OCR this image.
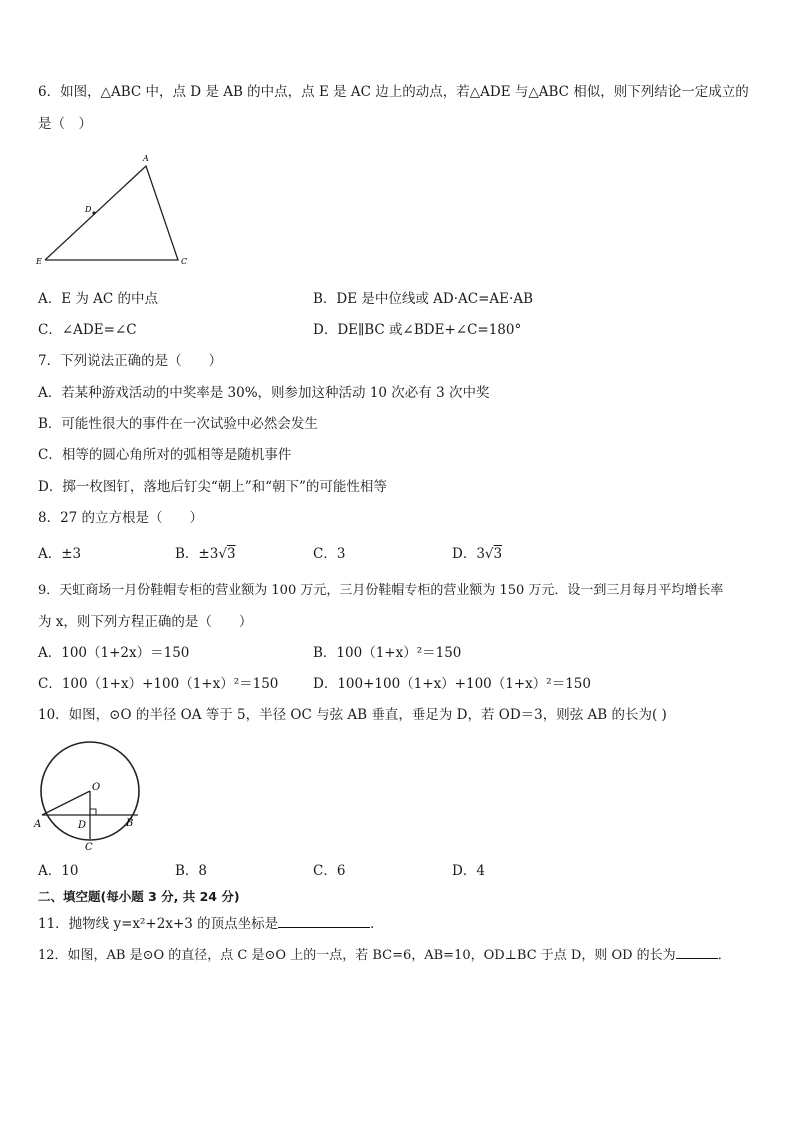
6．如图，△ABC 中，点 D 是 AB 的中点，点 E 是 AC 边上的动点，若△ADE 与△ABC 相似，则下列结论一定成立的
是（　）
A
D
E	C
A．E 为 AC 的中点	B．DE 是中位线或 AD·AC=AE·AB
C．∠ADE=∠C	D．DE∥BC 或∠BDE+∠C=180°
7．下列说法正确的是（　　）
A．若某种游戏活动的中奖率是 30%，则参加这种活动 10 次必有 3 次中奖
B．可能性很大的事件在一次试验中必然会发生
C．相等的圆心角所对的弧相等是随机事件
D．掷一枚图钉，落地后钉尖“朝上”和“朝下”的可能性相等
8．27 的立方根是（　　）
A．±3	B．±3√3	C．3	D．3√3
9．天虹商场一月份鞋帽专柜的营业额为 100 万元，三月份鞋帽专柜的营业额为 150 万元．设一到三月每月平均增长率
为 x，则下列方程正确的是（　　）
A．100（1+2x）＝150	B．100（1+x）²＝150
C．100（1+x）+100（1+x）²＝150	D．100+100（1+x）+100（1+x）²＝150
10．如图，⊙O 的半径 OA 等于 5，半径 OC 与弦 AB 垂直，垂足为 D，若 OD＝3，则弦 AB 的长为( )
O
A	D	B
C
A．10	B．8	C．6	D．4
二、填空题(每小题 3 分, 共 24 分)
11．抛物线 y=x²+2x+3 的顶点坐标是	．
12．如图，AB 是⊙O 的直径，点 C 是⊙O 上的一点，若 BC=6，AB=10，OD⊥BC 于点 D，则 OD 的长为	．
